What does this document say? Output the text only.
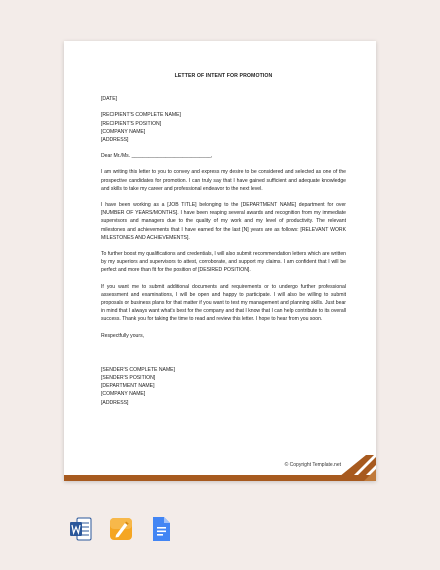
LETTER OF INTENT FOR PROMOTION
[DATE]
[RECIPIENT'S COMPLETE NAME]
[RECIPIENT'S POSITION]
[COMPANY NAME]
[ADDRESS]
Dear Mr./Ms. ____________________________,
I am writing this letter to you to convey and express my desire to be considered and selected as one of the prospective candidates for promotion. I can truly say that I have gained sufficient and adequate knowledge and skills to take my career and professional endeavor to the next level.
I have been working as a [JOB TITLE] belonging to the [DEPARTMENT NAME] department for over [NUMBER OF YEARS/MONTHS]. I have been reaping several awards and recognition from my immediate supervisors and managers due to the quality of my work and my level of productivity. The relevant milestones and achievements that I have earned for the last [N] years are as follows: [RELEVANT WORK MILESTONES AND ACHIEVEMENTS].
To further boost my qualifications and credentials, I will also submit recommendation letters which are written by my superiors and supervisors to attest, corroborate, and support my claims. I am confident that I will be perfect and more than fit for the position of [DESIRED POSITION].
If you want me to submit additional documents and requirements or to undergo further professional assessment and examinations, I will be open and happy to participate. I will also be willing to submit proposals or business plans for that matter if you want to test my management and planning skills. Just bear in mind that I always want what's best for the company and that I know that I can help contribute to its overall success. Thank you for taking the time to read and review this letter. I hope to hear from you soon.
Respectfully yours,
[SENDER'S COMPLETE NAME]
[SENDER'S POSITION]
[DEPARTMENT NAME]
[COMPANY NAME]
[ADDRESS]
© Copyright Template.net
